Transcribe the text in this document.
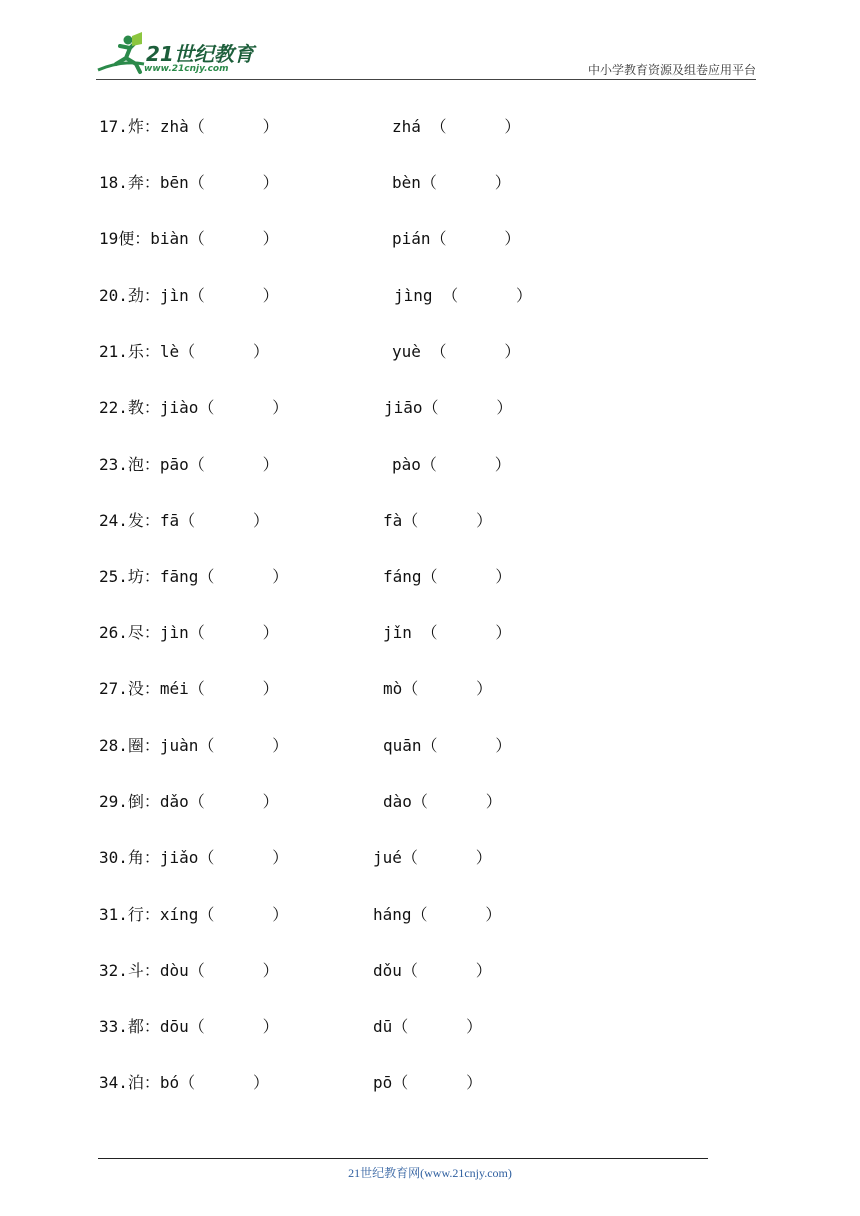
21世纪教育
www.21cnjy.com	中小学教育资源及组卷应用平台
17.炸：zhà（      ）	zhá （      ）
18.奔：bēn（      ）	bèn（      ）
19便：biàn（      ）	pián（      ）
20.劲：jìn（      ）	jìng （      ）
21.乐：lè（      ）	yuè （      ）
22.教：jiào（      ）	jiāo（      ）
23.泡：pāo（      ）	pào（      ）
24.发：fā（      ）	fà（      ）
25.坊：fāng（      ）	fáng（      ）
26.尽：jìn（      ）	jǐn （      ）
27.没：méi（      ）	mò（      ）
28.圈：juàn（      ）	quān（      ）
29.倒：dǎo（      ）	dào（      ）
30.角：jiǎo（      ）	jué（      ）
31.行：xíng（      ）	háng（      ）
32.斗：dòu（      ）	dǒu（      ）
33.都：dōu（      ）	dū（      ）
34.泊：bó（      ）	pō（      ）
21世纪教育网(www.21cnjy.com)
